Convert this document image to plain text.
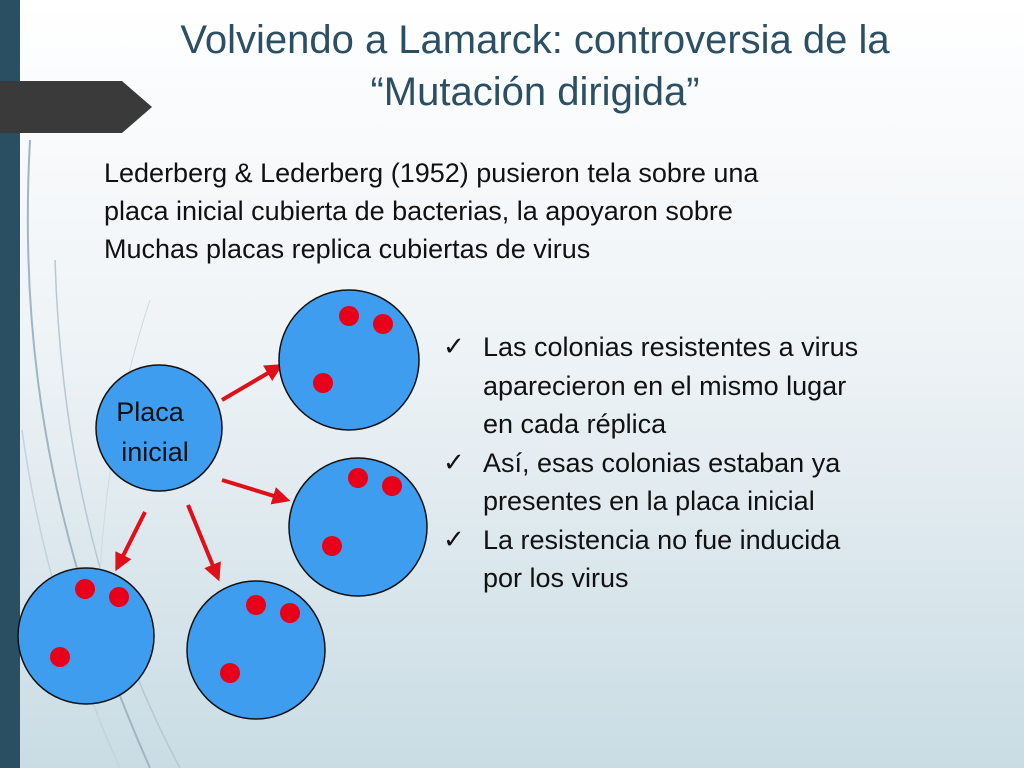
Volviendo a Lamarck: controversia de la
“Mutación dirigida”
Lederberg & Lederberg (1952) pusieron tela sobre una
placa inicial cubierta de bacterias, la apoyaron sobre
Muchas placas replica cubiertas de virus
Placa
inicial
✓ Las colonias resistentes a virus
aparecieron en el mismo lugar
en cada réplica
✓ Así, esas colonias estaban ya
presentes en la placa inicial
✓ La resistencia no fue inducida
por los virus
